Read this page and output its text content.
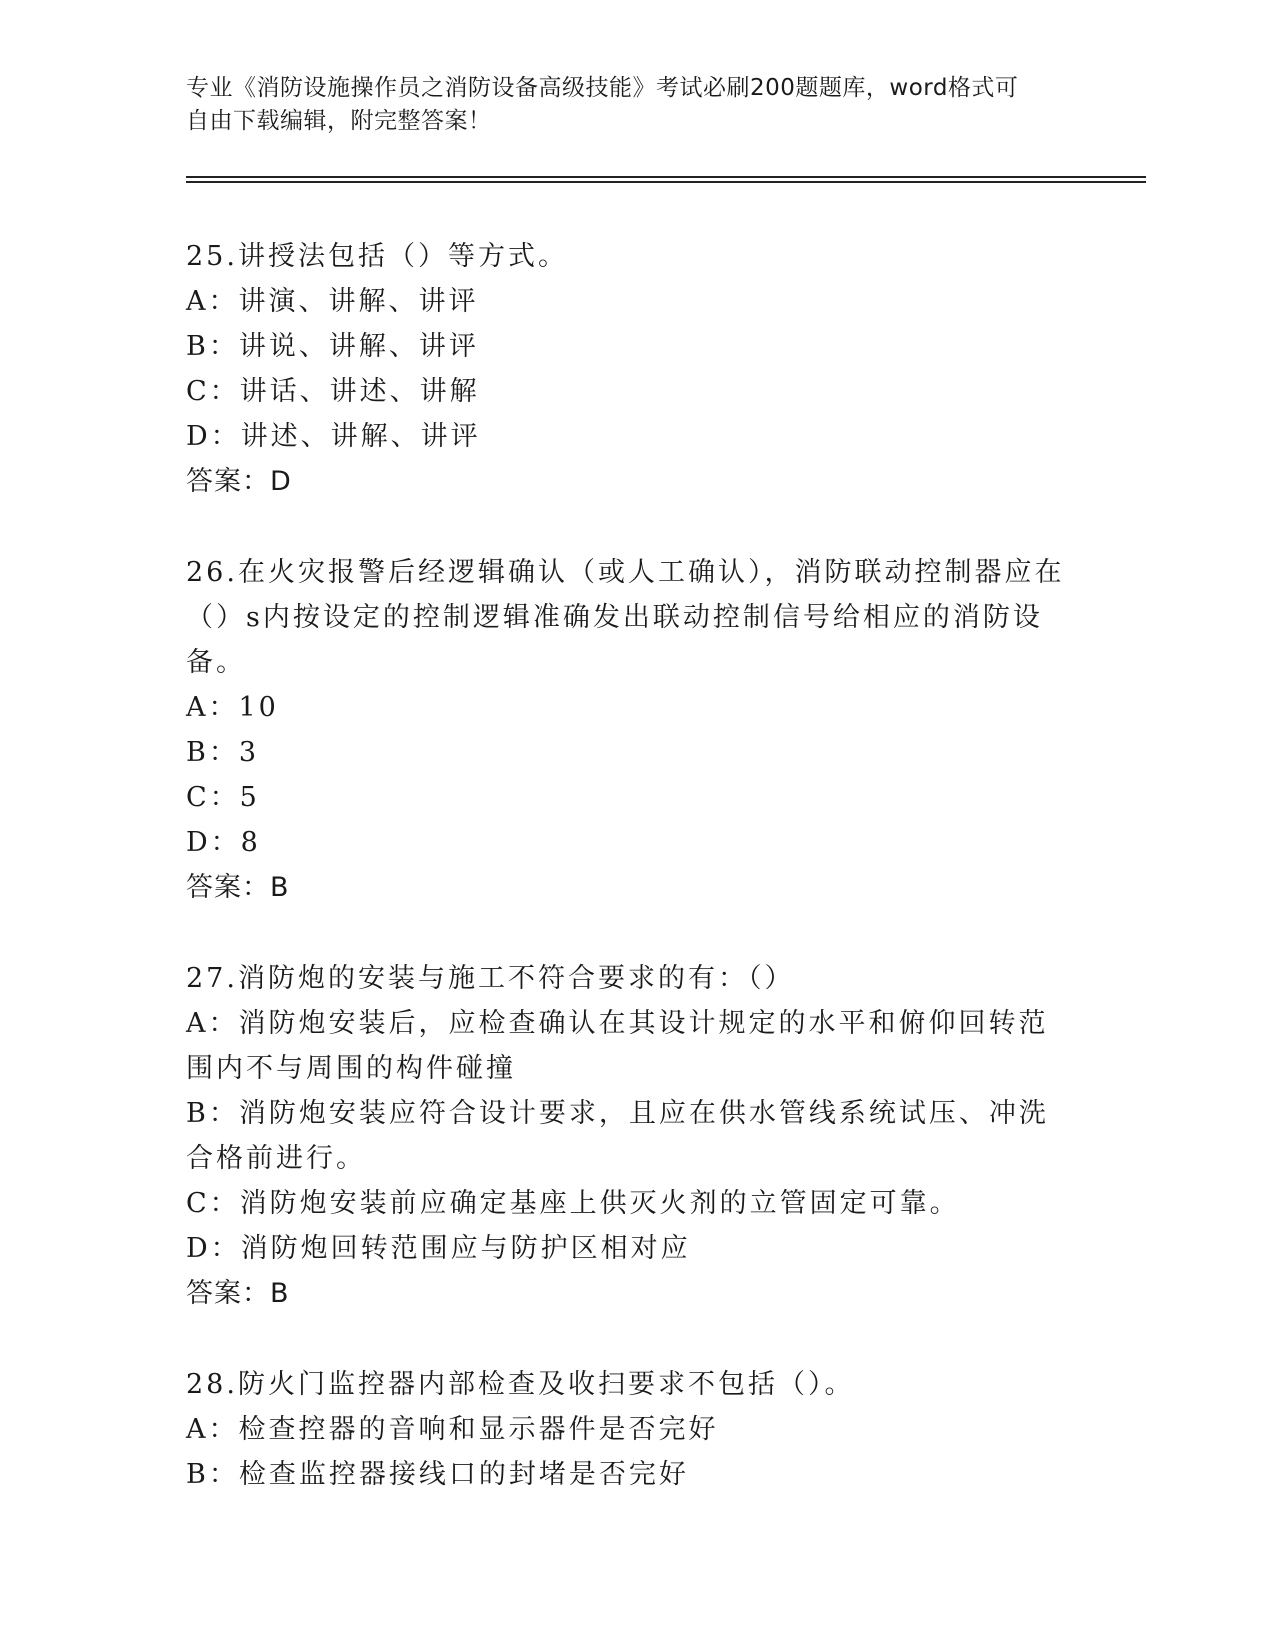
专业《消防设施操作员之消防设备高级技能》考试必刷200题题库，word格式可
自由下载编辑，附完整答案！

25.讲授法包括（）等方式。

A：讲演、讲解、讲评

B：讲说、讲解、讲评

C：讲话、讲述、讲解

D：讲述、讲解、讲评

答案：D

26.在火灾报警后经逻辑确认（或人工确认），消防联动控制器应在（）s内按设定的控制逻辑准确发出联动控制信号给相应的消防设备。

A：10

B：3

C：5

D：8

答案：B

27.消防炮的安装与施工不符合要求的有：（）

A：消防炮安装后，应检查确认在其设计规定的水平和俯仰回转范围内不与周围的构件碰撞

B：消防炮安装应符合设计要求，且应在供水管线系统试压、冲洗合格前进行。

C：消防炮安装前应确定基座上供灭火剂的立管固定可靠。

D：消防炮回转范围应与防护区相对应

答案：B

28.防火门监控器内部检查及收扫要求不包括（）。

A：检查控器的音响和显示器件是否完好

B：检查监控器接线口的封堵是否完好
